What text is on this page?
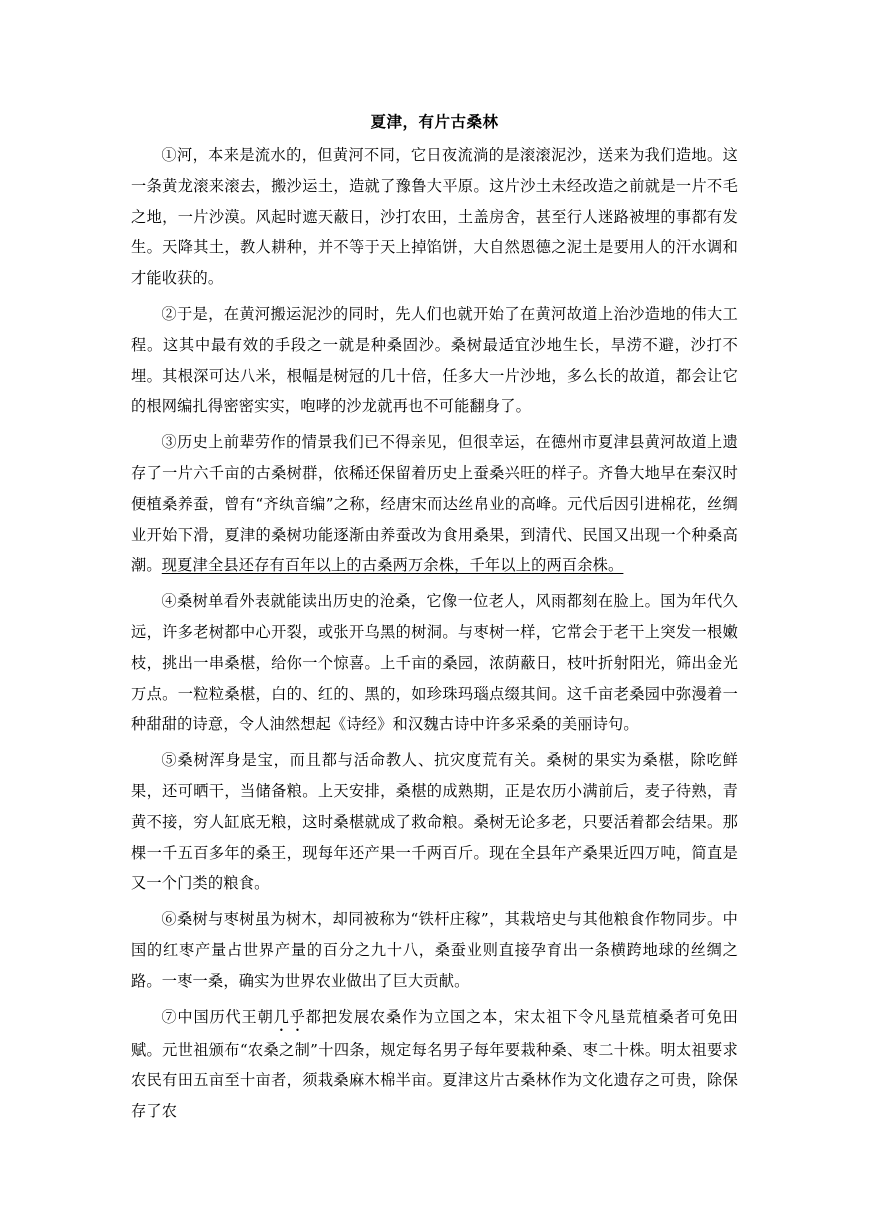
夏津，有片古桑林

①河，本来是流水的，但黄河不同，它日夜流淌的是滚滚泥沙，送来为我们造地。这一条黄龙滚来滚去，搬沙运土，造就了豫鲁大平原。这片沙土未经改造之前就是一片不毛之地，一片沙漠。风起时遮天蔽日，沙打农田，土盖房舍，甚至行人迷路被埋的事都有发生。天降其土，教人耕种，并不等于天上掉馅饼，大自然恩德之泥土是要用人的汗水调和才能收获的。

②于是，在黄河搬运泥沙的同时，先人们也就开始了在黄河故道上治沙造地的伟大工程。这其中最有效的手段之一就是种桑固沙。桑树最适宜沙地生长，旱涝不避，沙打不埋。其根深可达八米，根幅是树冠的几十倍，任多大一片沙地，多么长的故道，都会让它的根网编扎得密密实实，咆哮的沙龙就再也不可能翻身了。

③历史上前辈劳作的情景我们已不得亲见，但很幸运，在德州市夏津县黄河故道上遗存了一片六千亩的古桑树群，依稀还保留着历史上蚕桑兴旺的样子。齐鲁大地早在秦汉时便植桑养蚕，曾有“齐纨音编”之称，经唐宋而达丝帛业的高峰。元代后因引进棉花，丝绸业开始下滑，夏津的桑树功能逐渐由养蚕改为食用桑果，到清代、民国又出现一个种桑高潮。现夏津全县还存有百年以上的古桑两万余株，千年以上的两百余株。

④桑树单看外表就能读出历史的沧桑，它像一位老人，风雨都刻在脸上。国为年代久远，许多老树都中心开裂，或张开乌黑的树洞。与枣树一样，它常会于老干上突发一根嫩枝，挑出一串桑椹，给你一个惊喜。上千亩的桑园，浓荫蔽日，枝叶折射阳光，筛出金光万点。一粒粒桑椹，白的、红的、黑的，如珍珠玛瑙点缀其间。这千亩老桑园中弥漫着一种甜甜的诗意，令人油然想起《诗经》和汉魏古诗中许多采桑的美丽诗句。

⑤桑树浑身是宝，而且都与活命教人、抗灾度荒有关。桑树的果实为桑椹，除吃鲜果，还可晒干，当储备粮。上天安排，桑椹的成熟期，正是农历小满前后，麦子待熟，青黄不接，穷人缸底无粮，这时桑椹就成了救命粮。桑树无论多老，只要活着都会结果。那棵一千五百多年的桑王，现每年还产果一千两百斤。现在全县年产桑果近四万吨，简直是又一个门类的粮食。

⑥桑树与枣树虽为树木，却同被称为“铁杆庄稼”，其栽培史与其他粮食作物同步。中国的红枣产量占世界产量的百分之九十八，桑蚕业则直接孕育出一条横跨地球的丝绸之路。一枣一桑，确实为世界农业做出了巨大贡献。

⑦中国历代王朝几乎都把发展农桑作为立国之本，宋太祖下令凡垦荒植桑者可免田赋。元世祖颁布“农桑之制”十四条，规定每名男子每年要栽种桑、枣二十株。明太祖要求农民有田五亩至十亩者，须栽桑麻木棉半亩。夏津这片古桑林作为文化遗存之可贵，除保存了农
